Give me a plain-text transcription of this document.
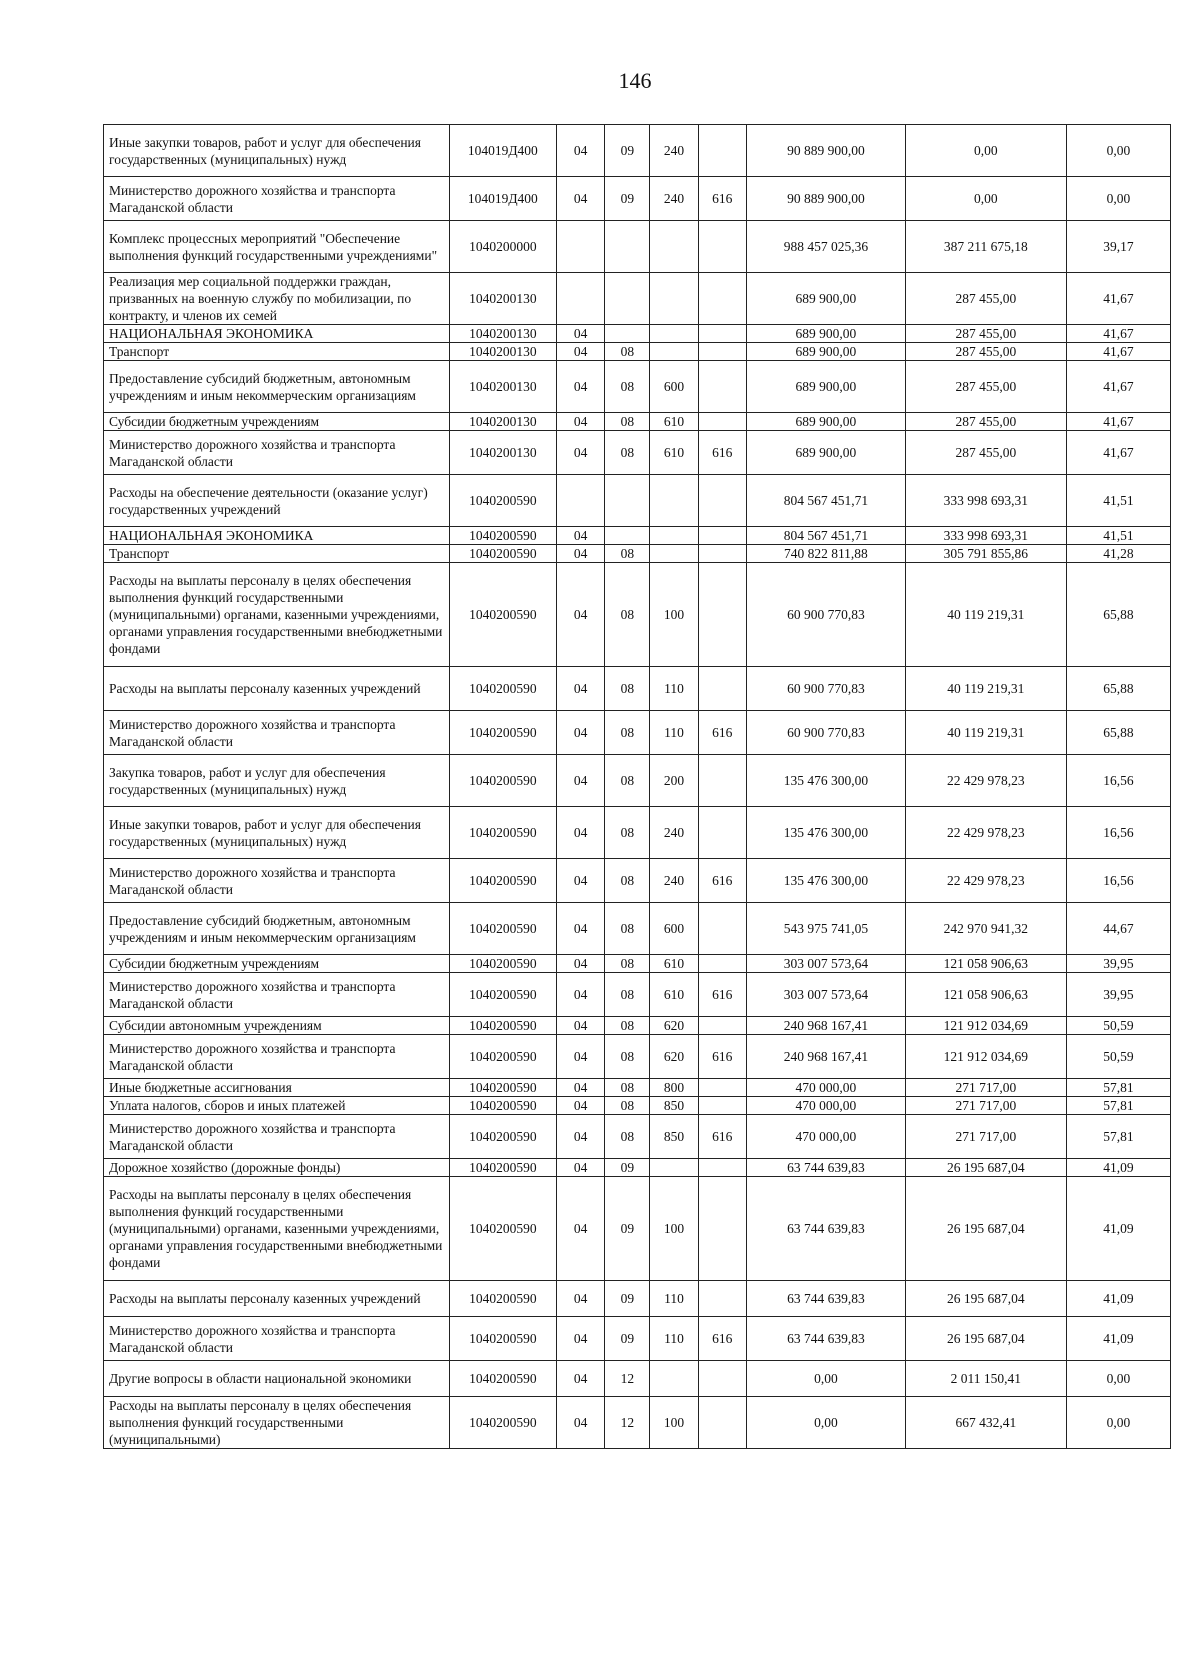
146
Иные закупки товаров, работ и услуг для обеспечения государственных (муниципальных) нужд	104019Д400	04	09	240		90 889 900,00	0,00	0,00
Министерство дорожного хозяйства и транспорта Магаданской области	104019Д400	04	09	240	616	90 889 900,00	0,00	0,00
Комплекс процессных мероприятий "Обеспечение выполнения функций государственными учреждениями"	1040200000					988 457 025,36	387 211 675,18	39,17
Реализация мер социальной поддержки граждан, призванных на военную службу по мобилизации, по контракту, и членов их семей	1040200130					689 900,00	287 455,00	41,67
НАЦИОНАЛЬНАЯ ЭКОНОМИКА	1040200130	04				689 900,00	287 455,00	41,67
Транспорт	1040200130	04	08			689 900,00	287 455,00	41,67
Предоставление субсидий бюджетным, автономным учреждениям и иным некоммерческим организациям	1040200130	04	08	600		689 900,00	287 455,00	41,67
Субсидии бюджетным учреждениям	1040200130	04	08	610		689 900,00	287 455,00	41,67
Министерство дорожного хозяйства и транспорта Магаданской области	1040200130	04	08	610	616	689 900,00	287 455,00	41,67
Расходы на обеспечение деятельности (оказание услуг) государственных учреждений	1040200590					804 567 451,71	333 998 693,31	41,51
НАЦИОНАЛЬНАЯ ЭКОНОМИКА	1040200590	04				804 567 451,71	333 998 693,31	41,51
Транспорт	1040200590	04	08			740 822 811,88	305 791 855,86	41,28
Расходы на выплаты персоналу в целях обеспечения выполнения функций государственными (муниципальными) органами, казенными учреждениями, органами управления государственными внебюджетными фондами	1040200590	04	08	100		60 900 770,83	40 119 219,31	65,88
Расходы на выплаты персоналу казенных учреждений	1040200590	04	08	110		60 900 770,83	40 119 219,31	65,88
Министерство дорожного хозяйства и транспорта Магаданской области	1040200590	04	08	110	616	60 900 770,83	40 119 219,31	65,88
Закупка товаров, работ и услуг для обеспечения государственных (муниципальных) нужд	1040200590	04	08	200		135 476 300,00	22 429 978,23	16,56
Иные закупки товаров, работ и услуг для обеспечения государственных (муниципальных) нужд	1040200590	04	08	240		135 476 300,00	22 429 978,23	16,56
Министерство дорожного хозяйства и транспорта Магаданской области	1040200590	04	08	240	616	135 476 300,00	22 429 978,23	16,56
Предоставление субсидий бюджетным, автономным учреждениям и иным некоммерческим организациям	1040200590	04	08	600		543 975 741,05	242 970 941,32	44,67
Субсидии бюджетным учреждениям	1040200590	04	08	610		303 007 573,64	121 058 906,63	39,95
Министерство дорожного хозяйства и транспорта Магаданской области	1040200590	04	08	610	616	303 007 573,64	121 058 906,63	39,95
Субсидии автономным учреждениям	1040200590	04	08	620		240 968 167,41	121 912 034,69	50,59
Министерство дорожного хозяйства и транспорта Магаданской области	1040200590	04	08	620	616	240 968 167,41	121 912 034,69	50,59
Иные бюджетные ассигнования	1040200590	04	08	800		470 000,00	271 717,00	57,81
Уплата налогов, сборов и иных платежей	1040200590	04	08	850		470 000,00	271 717,00	57,81
Министерство дорожного хозяйства и транспорта Магаданской области	1040200590	04	08	850	616	470 000,00	271 717,00	57,81
Дорожное хозяйство (дорожные фонды)	1040200590	04	09			63 744 639,83	26 195 687,04	41,09
Расходы на выплаты персоналу в целях обеспечения выполнения функций государственными (муниципальными) органами, казенными учреждениями, органами управления государственными внебюджетными фондами	1040200590	04	09	100		63 744 639,83	26 195 687,04	41,09
Расходы на выплаты персоналу казенных учреждений	1040200590	04	09	110		63 744 639,83	26 195 687,04	41,09
Министерство дорожного хозяйства и транспорта Магаданской области	1040200590	04	09	110	616	63 744 639,83	26 195 687,04	41,09
Другие вопросы в области национальной экономики	1040200590	04	12			0,00	2 011 150,41	0,00
Расходы на выплаты персоналу в целях обеспечения выполнения функций государственными (муниципальными)	1040200590	04	12	100		0,00	667 432,41	0,00
